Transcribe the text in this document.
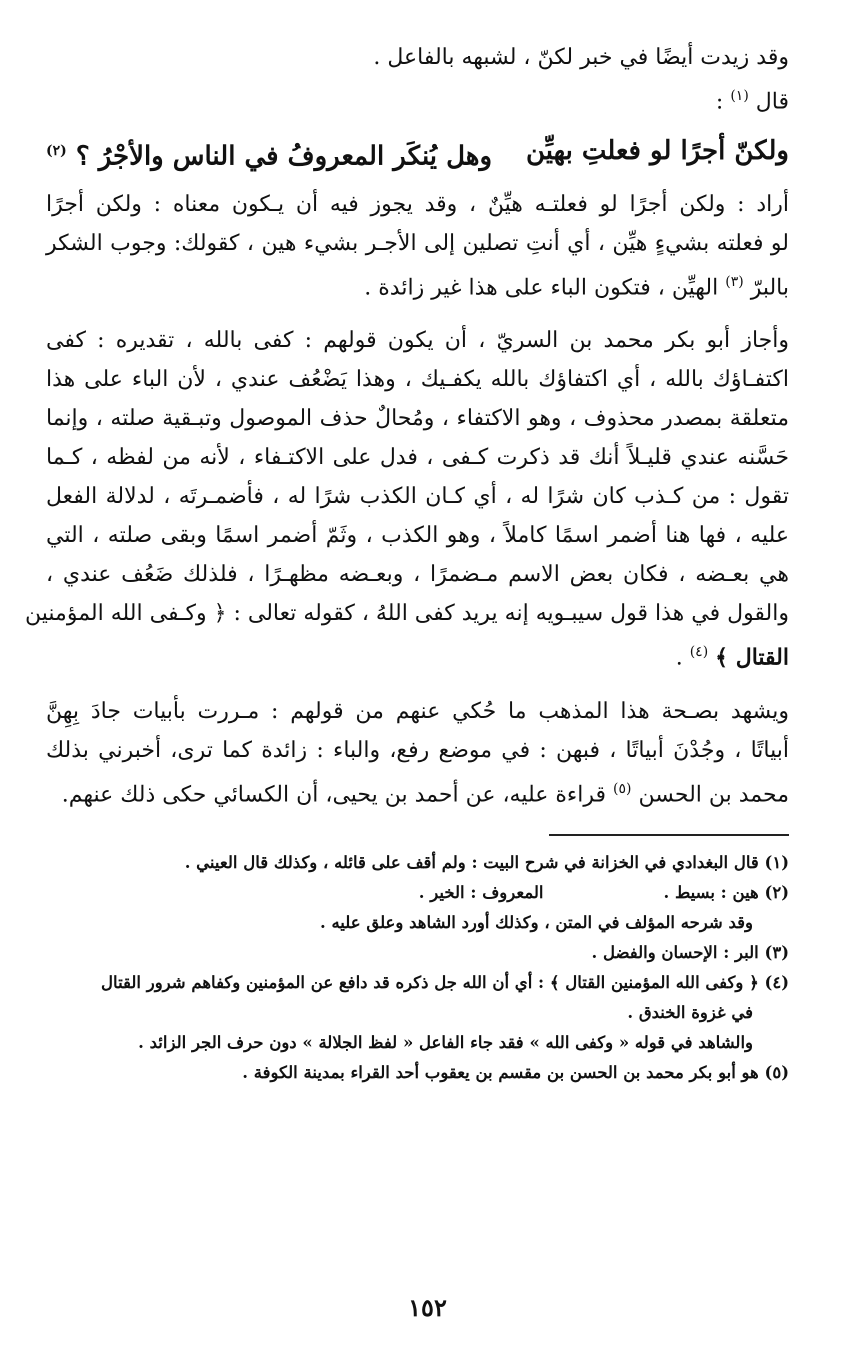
وقد زيدت أيضًا في خبر لكنّ ، لشبهه بالفاعل .
قال $^{(١)}$ :
ولكنّ أجرًا لو فعلتِ بهيِّن
وهل يُنكَر المعروفُ في الناس والأجْرُ ؟ $^{(٢)}$
أراد : ولكن أجرًا لو فعلتـه هيِّنٌ ، وقد يجوز فيه أن يـكون معناه : ولكن أجرًا
لو فعلته بشيءٍ هيِّن ، أي أنتِ تصلين إلى الأجـر بشيء هين ، كقولك: وجوب الشكر
بالبرّ $^{(٣)}$ الهيِّن ، فتكون الباء على هذا غير زائدة .
وأجاز أبو بكر محمد بن السريّ ، أن يكون قولهم : كفى بالله ، تقديره : كفى
اكتفـاؤك بالله ، أي اكتفاؤك بالله يكفـيك ، وهذا يَضْعُف عندي ، لأن الباء على هذا
متعلقة بمصدر محذوف ، وهو الاكتفاء ، ومُحالٌ حذف الموصول وتبـقية صلته ، وإنما
حَسَّنه عندي قليـلاً أنك قد ذكرت كـفى ، فدل على الاكتـفاء ، لأنه من لفظه ، كـما
تقول : من كـذب كان شرًا له ، أي كـان الكذب شرًا له ، فأضمـرتَه ، لدلالة الفعل
عليه ، فها هنا أضمر اسمًا كاملاً ، وهو الكذب ، وثَمّ أضمر اسمًا وبقى صلته ، التي
هي بعـضه ، فكان بعض الاسم مـضمرًا ، وبعـضه مظهـرًا ، فلذلك ضَعُف عندي ،
والقول في هذا قول سيبـويه إنه يريد كفى اللهُ ، كقوله تعالى : ﴿ وكـفى الله المؤمنين
القتال ﴾ $^{(٤)}$ .
ويشهد بصـحة هذا المذهب ما حُكي عنهم من قولهم : مـررت بأبيات جادَ بِهِنَّ
أبياتًا ، وجُدْنَ أبياتًا ، فبهن : في موضع رفع، والباء : زائدة كما ترى، أخبرني بذلك
محمد بن الحسن $^{(٥)}$ قراءة عليه، عن أحمد بن يحيى، أن الكسائي حكى ذلك عنهم.
(١) قال البغدادي في الخزانة في شرح البيت : ولم أقف على قائله ، وكذلك قال العيني .
(٢) هين : بسيط .المعروف : الخير .
وقد شرحه المؤلف في المتن ، وكذلك أورد الشاهد وعلق عليه .
(٣) البر : الإحسان والفضل .
(٤) ﴿ وكفى الله المؤمنين القتال ﴾ : أي أن الله جل ذكره قد دافع عن المؤمنين وكفاهم شرور القتال
في غزوة الخندق .
والشاهد في قوله « وكفى الله » فقد جاء الفاعل « لفظ الجلالة » دون حرف الجر الزائد .
(٥) هو أبو بكر محمد بن الحسن بن مقسم بن يعقوب أحد القراء بمدينة الكوفة .
١٥٢
